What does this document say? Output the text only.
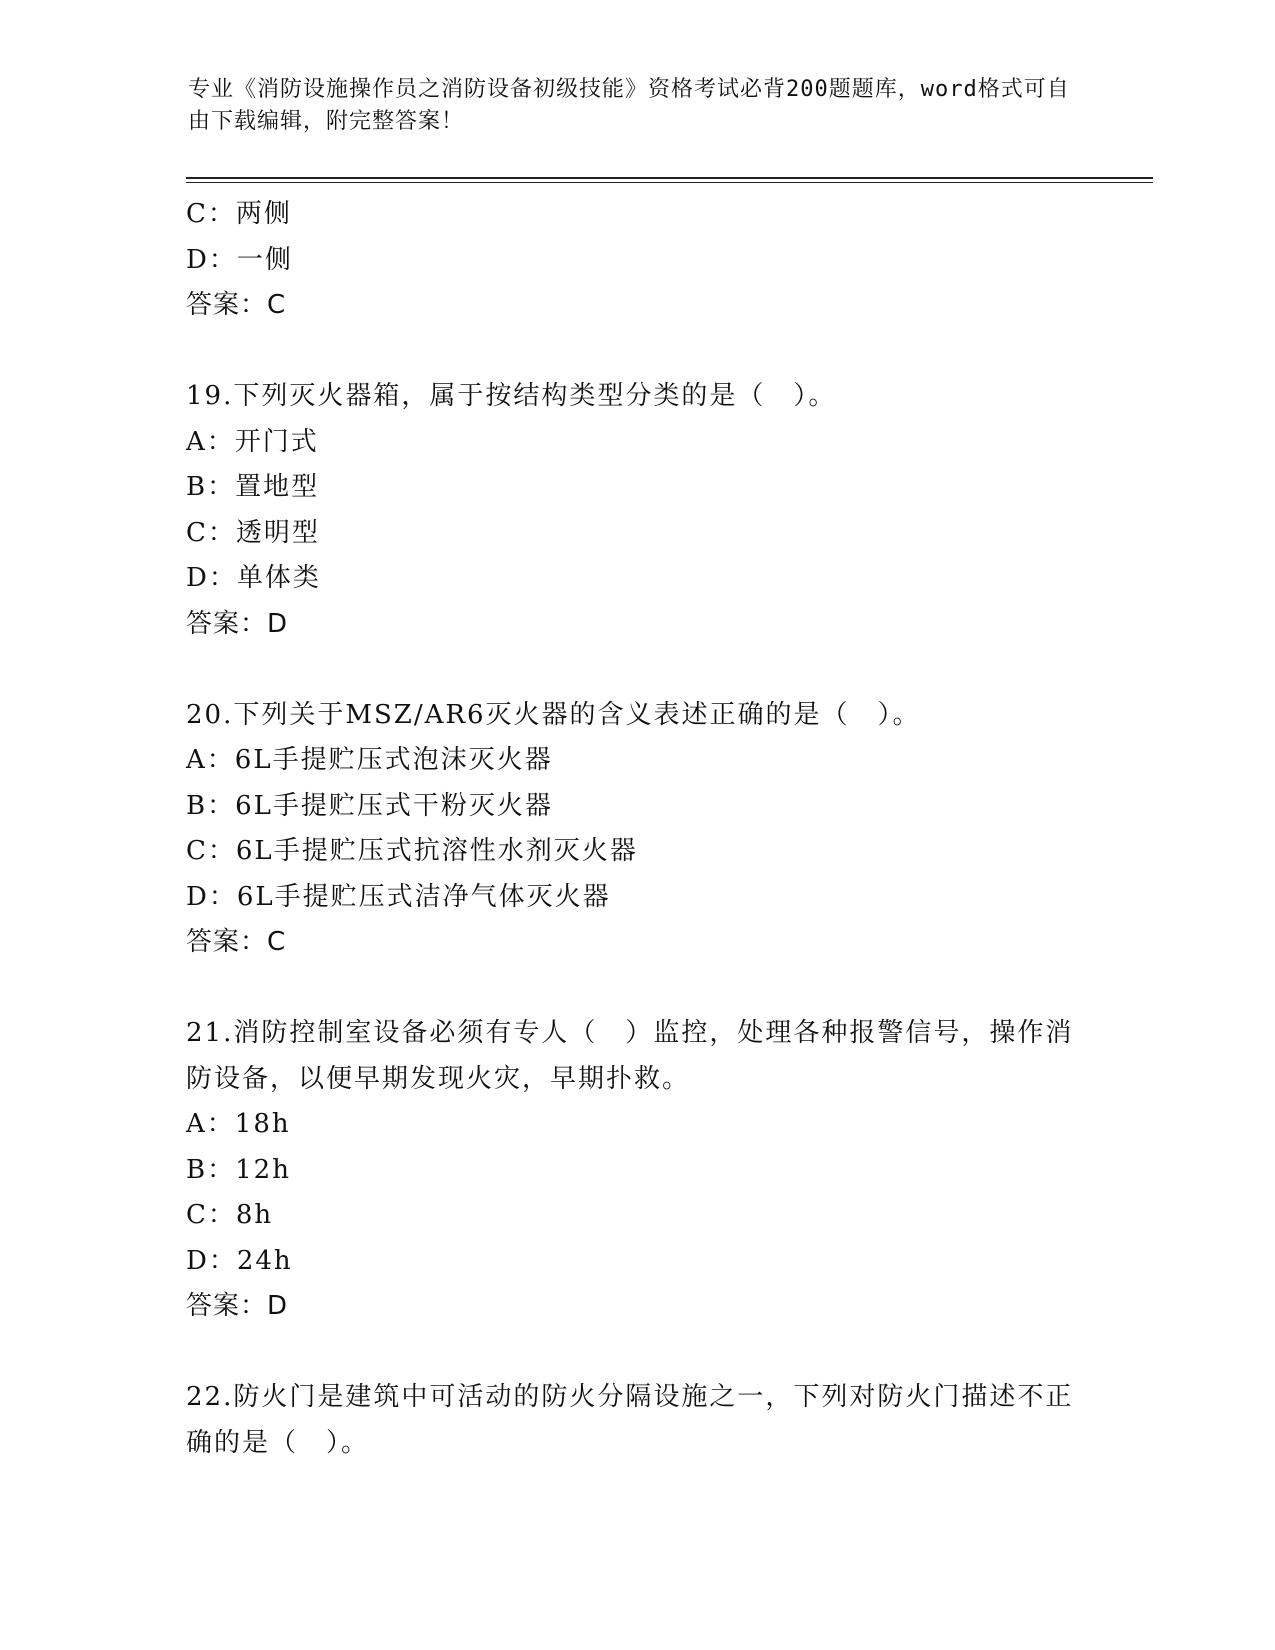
专业《消防设施操作员之消防设备初级技能》资格考试必背200题题库，word格式可自由下载编辑，附完整答案！
C：两侧
D：一侧
答案：C
19.下列灭火器箱，属于按结构类型分类的是（　）。
A：开门式
B：置地型
C：透明型
D：单体类
答案：D
20.下列关于MSZ/AR6灭火器的含义表述正确的是（　）。
A：6L手提贮压式泡沫灭火器
B：6L手提贮压式干粉灭火器
C：6L手提贮压式抗溶性水剂灭火器
D：6L手提贮压式洁净气体灭火器
答案：C
21.消防控制室设备必须有专人（　）监控，处理各种报警信号，操作消防设备，以便早期发现火灾，早期扑救。
A：18h
B：12h
C：8h
D：24h
答案：D
22.防火门是建筑中可活动的防火分隔设施之一，下列对防火门描述不正确的是（　）。
